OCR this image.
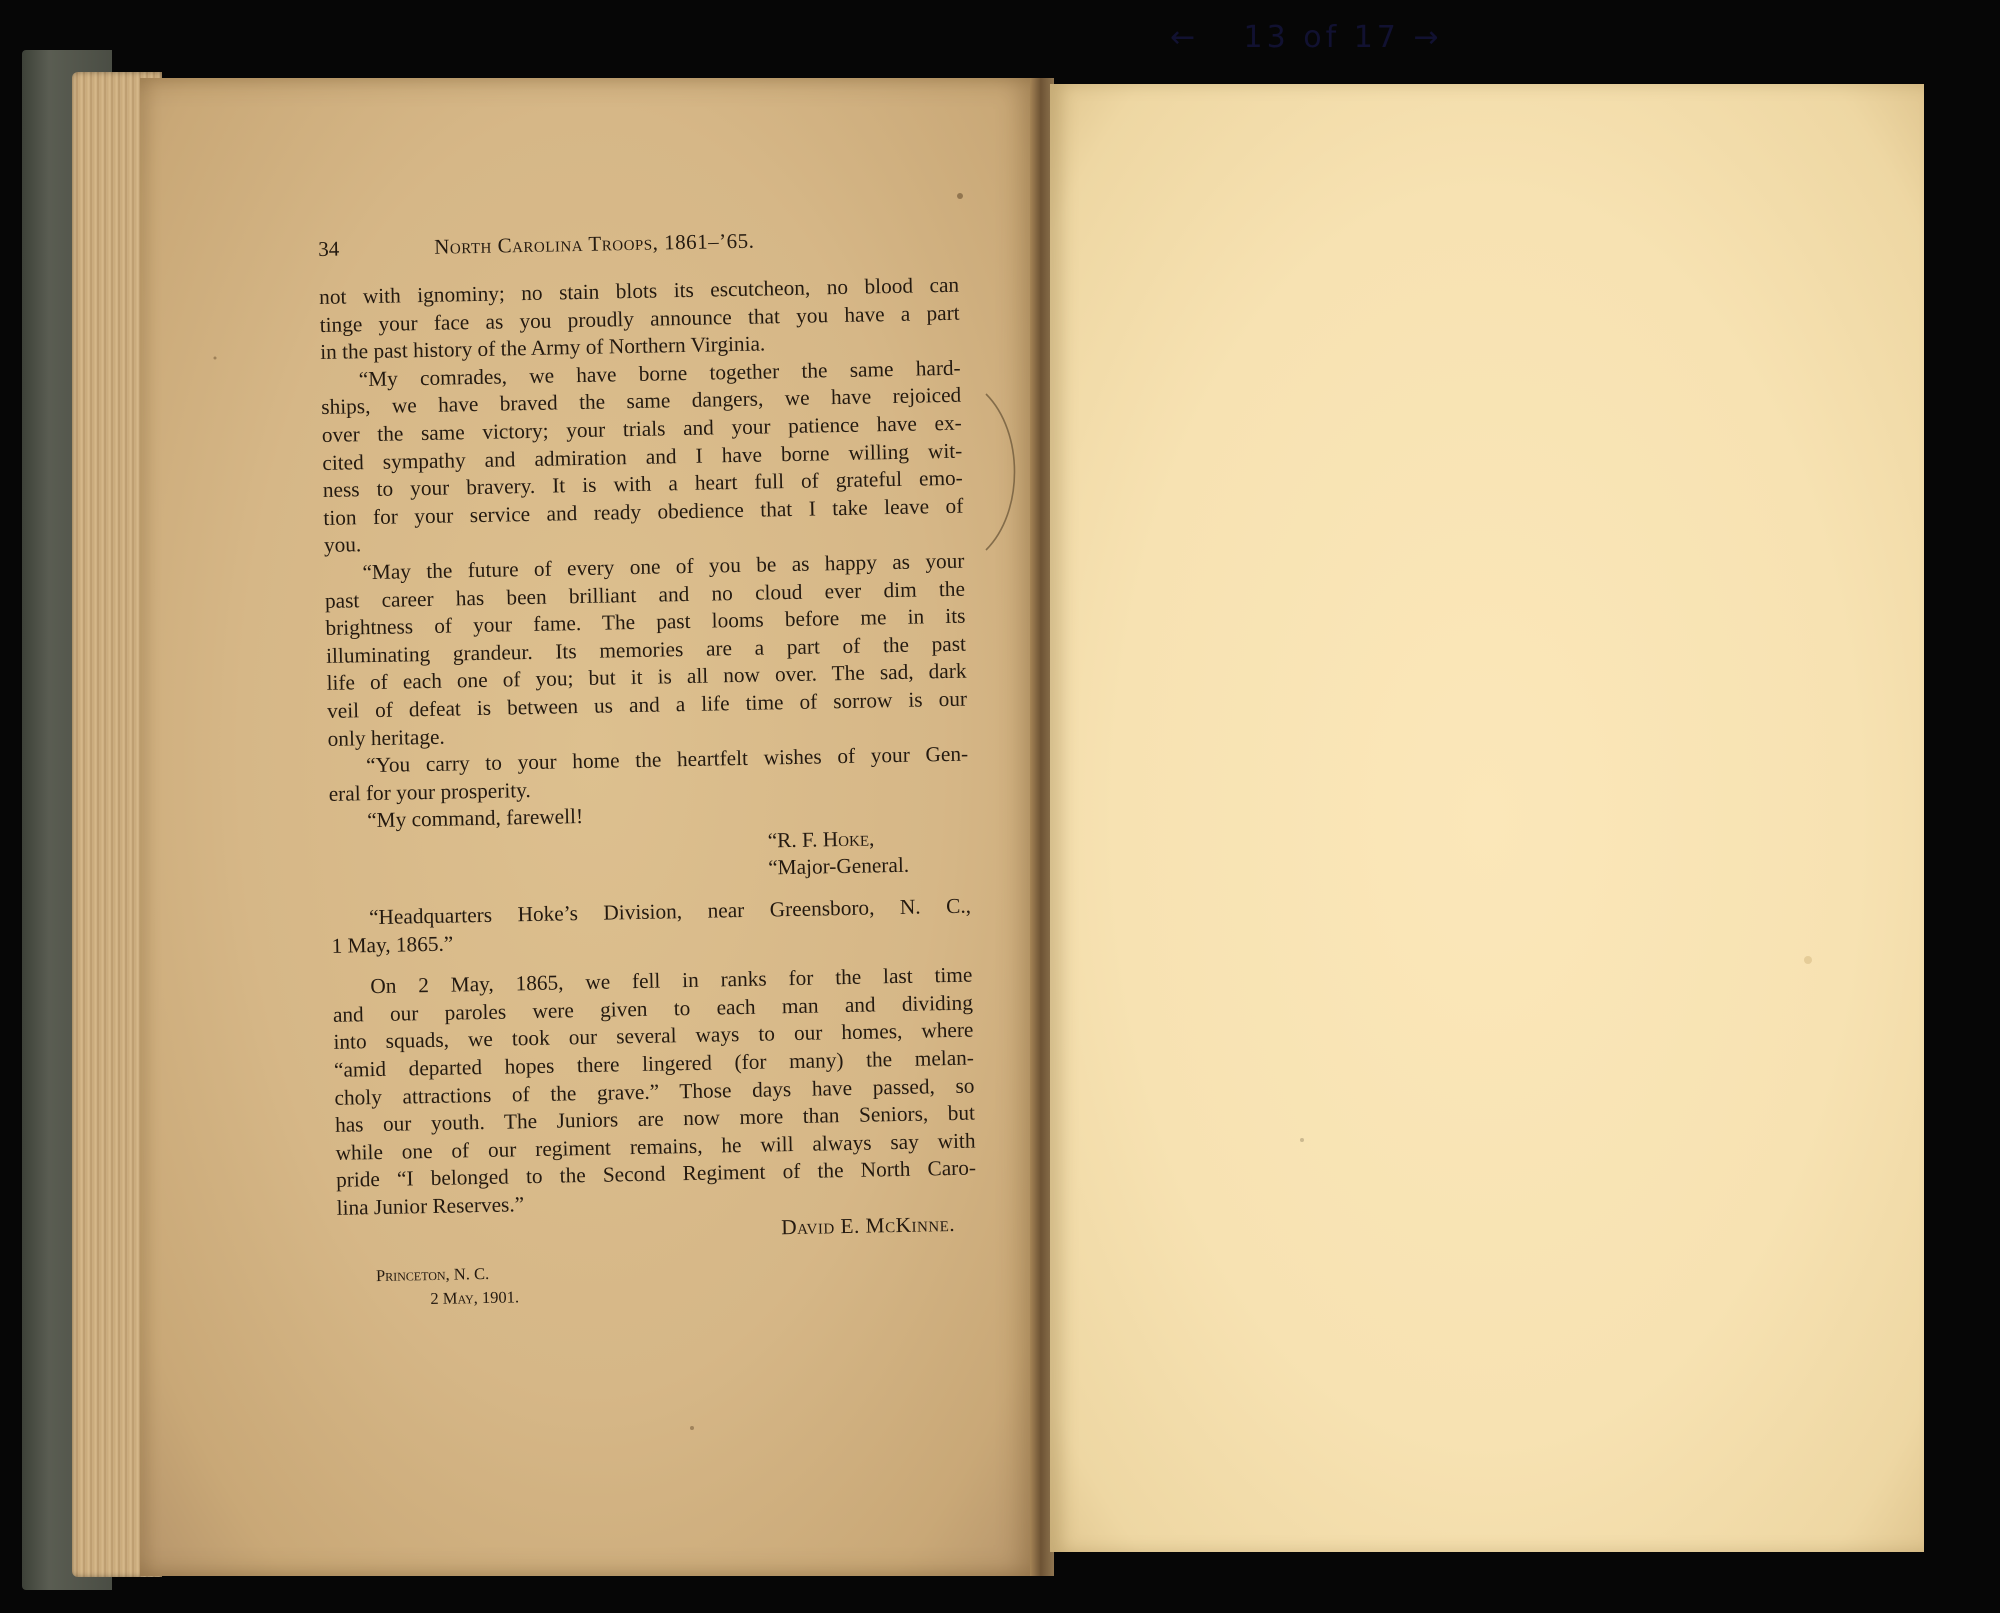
← 13 of 17 →
34	North Carolina Troops, 1861–’65.
not with ignominy; no stain blots its escutcheon, no blood can
tinge your face as you proudly announce that you have a part
in the past history of the Army of Northern Virginia.
“My comrades, we have borne together the same hard-
ships, we have braved the same dangers, we have rejoiced
over the same victory; your trials and your patience have ex-
cited sympathy and admiration and I have borne willing wit-
ness to your bravery. It is with a heart full of grateful emo-
tion for your service and ready obedience that I take leave of
you.
“May the future of every one of you be as happy as your
past career has been brilliant and no cloud ever dim the
brightness of your fame. The past looms before me in its
illuminating grandeur. Its memories are a part of the past
life of each one of you; but it is all now over. The sad, dark
veil of defeat is between us and a life time of sorrow is our
only heritage.
“You carry to your home the heartfelt wishes of your Gen-
eral for your prosperity.
“My command, farewell!
“R. F. Hoke,
“Major-General.
“Headquarters Hoke’s Division, near Greensboro, N. C.,
1 May, 1865.”
On 2 May, 1865, we fell in ranks for the last time
and our paroles were given to each man and dividing
into squads, we took our several ways to our homes, where
“amid departed hopes there lingered (for many) the melan-
choly attractions of the grave.” Those days have passed, so
has our youth. The Juniors are now more than Seniors, but
while one of our regiment remains, he will always say with
pride “I belonged to the Second Regiment of the North Caro-
lina Junior Reserves.”
David E. McKinne.
Princeton, N. C.
2 May, 1901.
